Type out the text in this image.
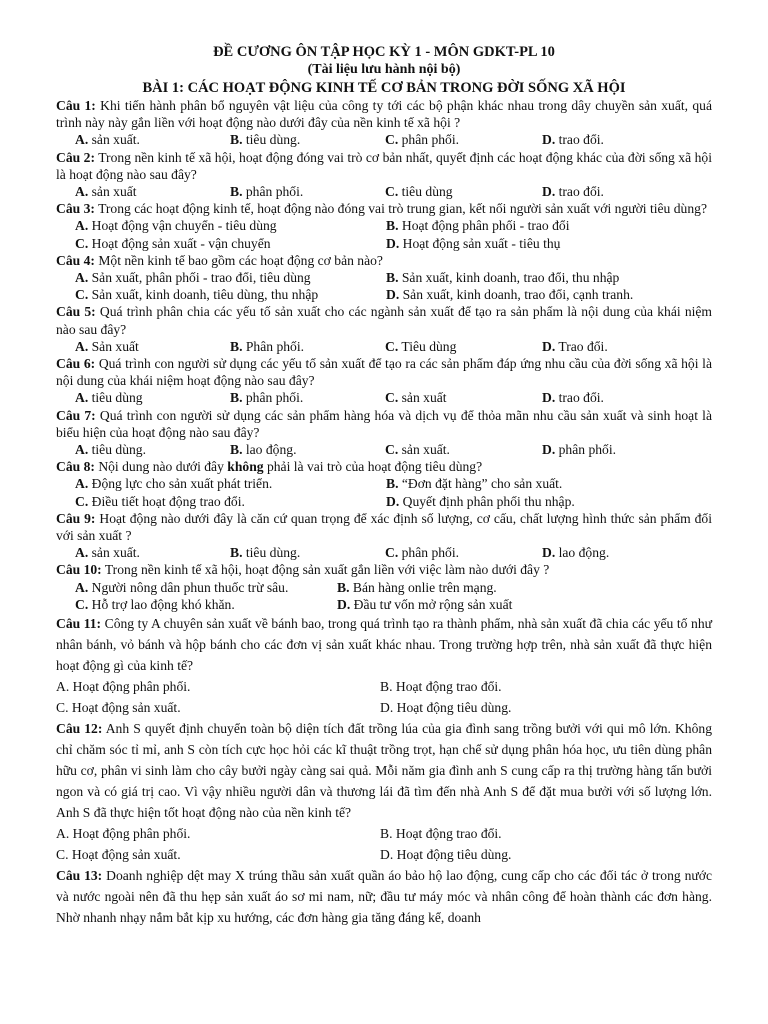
ĐỀ CƯƠNG ÔN TẬP HỌC KỲ 1 - MÔN GDKT-PL 10
(Tài liệu lưu hành nội bộ)
BÀI 1: CÁC HOẠT ĐỘNG KINH TẾ CƠ BẢN TRONG ĐỜI SỐNG XÃ HỘI
Câu 1: Khi tiến hành phân bổ nguyên vật liệu của công ty tới các bộ phận khác nhau trong dây chuyền sản xuất, quá trình này này gắn liền với hoạt động nào dưới đây của nền kinh tế xã hội ?
A. sản xuất.	B. tiêu dùng.	C. phân phối.	D. trao đổi.
Câu 2: Trong nền kinh tế xã hội, hoạt động đóng vai trò cơ bản nhất, quyết định các hoạt động khác của đời sống xã hội là hoạt động nào sau đây?
A. sản xuất	B. phân phối.	C. tiêu dùng	D. trao đổi.
Câu 3: Trong các hoạt động kinh tế, hoạt động nào đóng vai trò trung gian, kết nối người sản xuất với người tiêu dùng?
A. Hoạt động vận chuyển - tiêu dùng	B. Hoạt động phân phối - trao đổi
C. Hoạt động sản xuất - vận chuyển	D. Hoạt động sản xuất - tiêu thụ
Câu 4: Một nền kinh tế bao gồm các hoạt động cơ bản nào?
A. Sản xuất, phân phối - trao đổi, tiêu dùng	B. Sản xuất, kinh doanh, trao đổi, thu nhập
C. Sản xuất, kinh doanh, tiêu dùng, thu nhập	D. Sản xuất, kinh doanh, trao đổi, cạnh tranh.
Câu 5: Quá trình phân chia các yếu tố sản xuất cho các ngành sản xuất để tạo ra sản phẩm là nội dung của khái niệm nào sau đây?
A. Sản xuất	B. Phân phối.	C. Tiêu dùng	D. Trao đổi.
Câu 6: Quá trình con người sử dụng các yếu tố sản xuất để tạo ra các sản phẩm đáp ứng nhu cầu của đời sống xã hội là nội dung của khái niệm hoạt động nào sau đây?
A. tiêu dùng	B. phân phối.	C. sản xuất	D. trao đổi.
Câu 7: Quá trình con người sử dụng các sản phẩm hàng hóa và dịch vụ để thỏa mãn nhu cầu sản xuất và sinh hoạt là biểu hiện của hoạt động nào sau đây?
A. tiêu dùng.	B. lao động.	C. sản xuất.	D. phân phối.
Câu 8: Nội dung nào dưới đây không phải là vai trò của hoạt động tiêu dùng?
A. Động lực cho sản xuất phát triển.	B. “Đơn đặt hàng” cho sản xuất.
C. Điều tiết hoạt động trao đổi.	D. Quyết định phân phối thu nhập.
Câu 9: Hoạt động nào dưới đây là căn cứ quan trọng để xác định số lượng, cơ cấu, chất lượng hình thức sản phẩm đối với sản xuất ?
A. sản xuất.	B. tiêu dùng.	C. phân phối.	D. lao động.
Câu 10: Trong nền kinh tế xã hội, hoạt động sản xuất gắn liền với việc làm nào dưới đây ?
A. Người nông dân phun thuốc trừ sâu.	B. Bán hàng onlie trên mạng.
C. Hỗ trợ lao động khó khăn.	D. Đầu tư vốn mở rộng sản xuất
Câu 11: Công ty A chuyên sản xuất về bánh bao, trong quá trình tạo ra thành phẩm, nhà sản xuất đã chia các yếu tố như nhân bánh, vỏ bánh và hộp bánh cho các đơn vị sản xuất khác nhau. Trong trường hợp trên, nhà sản xuất đã thực hiện hoạt động gì của kinh tế?
A. Hoạt động phân phối.	B. Hoạt động trao đổi.
C. Hoạt động sản xuất.	D. Hoạt động tiêu dùng.
Câu 12: Anh S quyết định chuyển toàn bộ diện tích đất trồng lúa của gia đình sang trồng bưởi với qui mô lớn. Không chỉ chăm sóc tỉ mỉ, anh S còn tích cực học hỏi các kĩ thuật trồng trọt, hạn chế sử dụng phân hóa học, ưu tiên dùng phân hữu cơ, phân vi sinh làm cho cây bưởi ngày càng sai quả. Mỗi năm gia đình anh S cung cấp ra thị trường hàng tấn bưởi ngon và có giá trị cao. Vì vậy nhiều người dân và thương lái đã tìm đến nhà Anh S để đặt mua bưởi với số lượng lớn. Anh S đã thực hiện tốt hoạt động nào của nền kinh tế?
A. Hoạt động phân phối.	B. Hoạt động trao đổi.
C. Hoạt động sản xuất.	D. Hoạt động tiêu dùng.
Câu 13: Doanh nghiệp dệt may X trúng thầu sản xuất quần áo bảo hộ lao động, cung cấp cho các đối tác ở trong nước và nước ngoài nên đã thu hẹp sản xuất áo sơ mi nam, nữ; đầu tư máy móc và nhân công để hoàn thành các đơn hàng. Nhờ nhanh nhạy nắm bắt kịp xu hướng, các đơn hàng gia tăng đáng kể, doanh
